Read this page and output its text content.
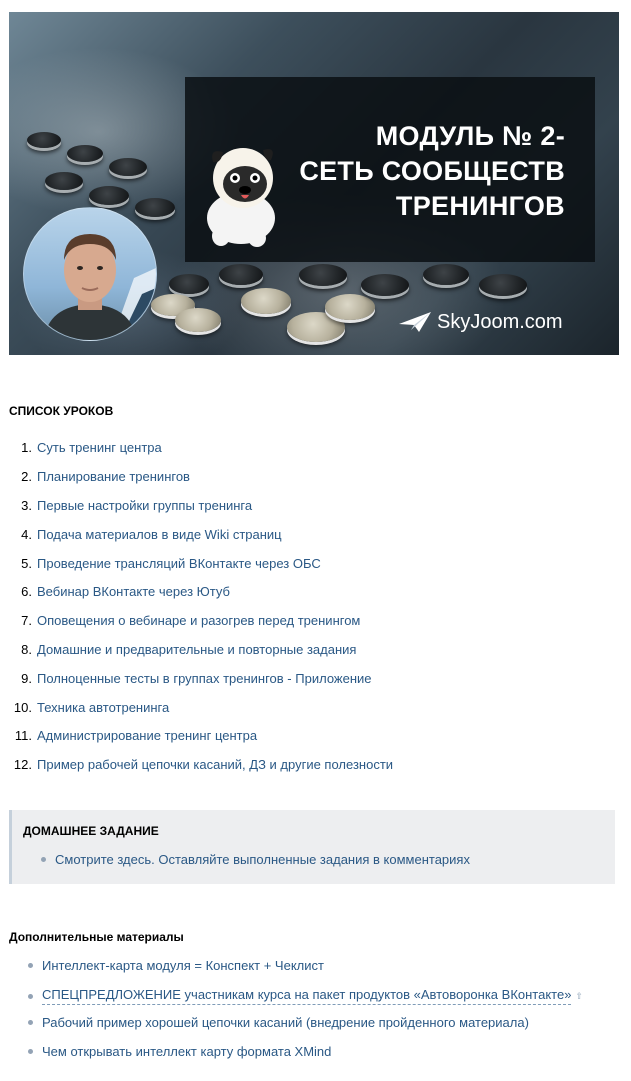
МОДУЛЬ № 2-
СЕТЬ СООБЩЕСТВ
ТРЕНИНГОВ
SkyJoom.com
СПИСОК УРОКОВ
1. Суть тренинг центра
2. Планирование тренингов
3. Первые настройки группы тренинга
4. Подача материалов в виде Wiki страниц
5. Проведение трансляций ВКонтакте через ОБС
6. Вебинар ВКонтакте через Ютуб
7. Оповещения о вебинаре и разогрев перед тренингом
8. Домашние и предварительные и повторные задания
9. Полноценные тесты в группах тренингов - Приложение
10. Техника автотренинга
11. Администрирование тренинг центра
12. Пример рабочей цепочки касаний, ДЗ и другие полезности
ДОМАШНЕЕ ЗАДАНИЕ
Смотрите здесь. Оставляйте выполненные задания в комментариях
Дополнительные материалы
Интеллект-карта модуля = Конспект + Чеклист
СПЕЦПРЕДЛОЖЕНИЕ участникам курса на пакет продуктов «Автоворонка ВКонтакте» ⇧
Рабочий пример хорошей цепочки касаний (внедрение пройденного материала)
Чем открывать интеллект карту формата XMind
